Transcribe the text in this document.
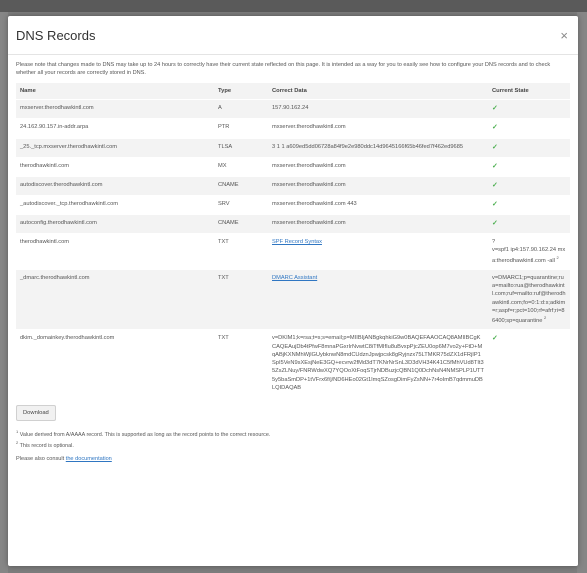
DNS Records	×

Please note that changes made to DNS may take up to 24 hours to correctly have their current state reflected on this page. It is intended as a way for you to easily see how to configure your DNS records and to check whether all your records are correctly stored in DNS.

Name	Type	Correct Data	Current State
mxserver.therodhawkintl.com	A	157.90.162.24	✓
24.162.90.157.in-addr.arpa	PTR	mxserver.therodhawkintl.com	✓
_25._tcp.mxserver.therodhawkintl.com	TLSA	3 1 1 a609ed5dd06728a84f9e2e980ddc14d9645166f65b46fed7f462ed9685	✓
therodhawkintl.com	MX	mxserver.therodhawkintl.com	✓
autodiscover.therodhawkintl.com	CNAME	mxserver.therodhawkintl.com	✓
_autodiscover._tcp.therodhawkintl.com	SRV	mxserver.therodhawkintl.com 443	✓
autoconfig.therodhawkintl.com	CNAME	mxserver.therodhawkintl.com	✓
therodhawkintl.com	TXT	SPF Record Syntax	?
v=spf1 ip4:157.90.162.24 mx a:therodhawkintl.com -all $^2$
_dmarc.therodhawkintl.com	TXT	DMARC Assistant	v=DMARC1;p=quarantine;rua=mailto:rua@therodhawkintl.com;ruf=mailto:ruf@therodhawkintl.com;fo=0:1:d:s;adkim=r;aspf=r;pct=100;rf=afrf;ri=86400;sp=quarantine $^2$
dkim._domainkey.therodhawkintl.com	TXT	v=DKIM1;k=rsa;t=s;s=email;p=MIIBIjANBgkqhkiG9w0BAQEFAAOCAQ8AMIIBCgKCAQEAujDb4tPfwF8mnaPGxrIrNvwtC8iTfMIfIu8uBvxpPjcZEU0op6M7vo2y+FtD+MqABjKXNMhWjlGUybknwN8mdCUdznJpwjpcsk8gRyjnzx75LTMKR75dZX1dFRjIP1SpI5VeN9sXEsjNeE3GQ+ecvrw2fMd3dT7KNrNrSnL3D3dVH34K41C5fMhVUd8TIt35ZsZLNuy/FNRWdwXQ7YQOoXtFoqSTjrNDBuzjcQBN1Q0DchNsN4NMSPLP1UTT5y5baSmDP+1tVFrx6f/j/ND6HEo02Gt1ImqSZosgDimFyZsNN+7r4oImB7qdmmuDBLQIDAQAB	✓
Download
$^1$ Value derived from A/AAAA record. This is supported as long as the record points to the correct resource.
$^2$ This record is optional.
Please also consult the documentation
